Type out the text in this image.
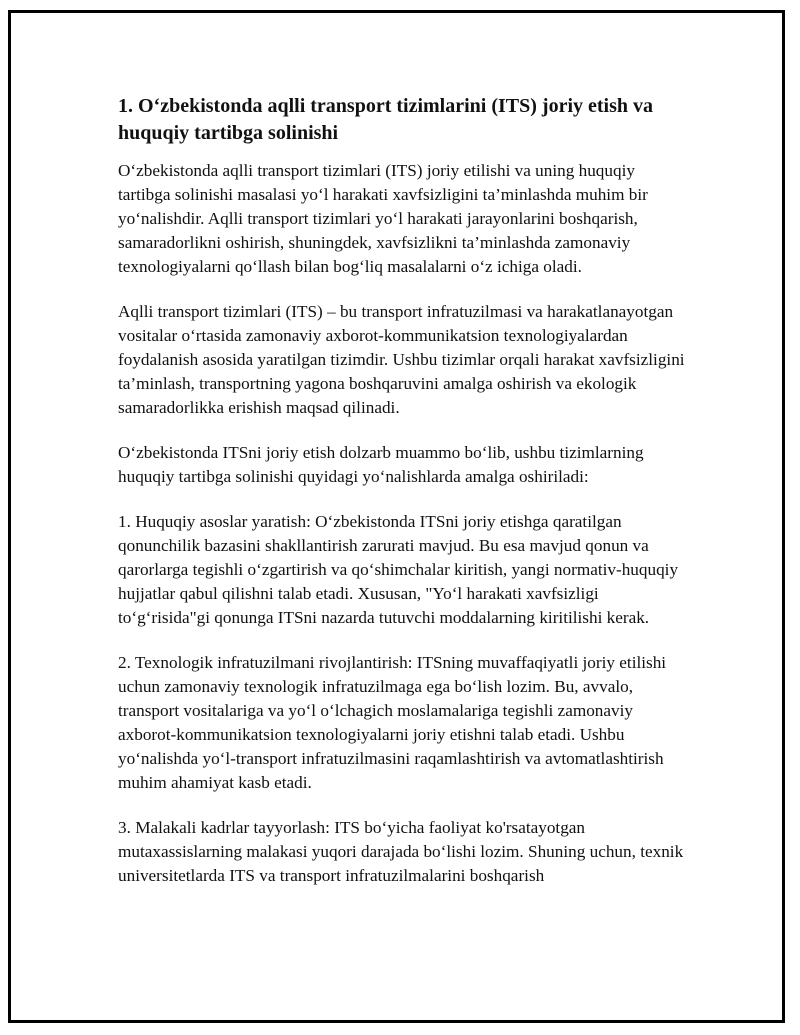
1. O‘zbekistonda aqlli transport tizimlarini (ITS) joriy etish va huquqiy tartibga solinishi

O‘zbekistonda aqlli transport tizimlari (ITS) joriy etilishi va uning huquqiy tartibga solinishi masalasi yo‘l harakati xavfsizligini ta’minlashda muhim bir yo‘nalishdir. Aqlli transport tizimlari yo‘l harakati jarayonlarini boshqarish, samaradorlikni oshirish, shuningdek, xavfsizlikni ta’minlashda zamonaviy texnologiyalarni qo‘llash bilan bog‘liq masalalarni o‘z ichiga oladi.

Aqlli transport tizimlari (ITS) – bu transport infratuzilmasi va harakatlanayotgan vositalar o‘rtasida zamonaviy axborot-kommunikatsion texnologiyalardan foydalanish asosida yaratilgan tizimdir. Ushbu tizimlar orqali harakat xavfsizligini ta’minlash, transportning yagona boshqaruvini amalga oshirish va ekologik samaradorlikka erishish maqsad qilinadi.

O‘zbekistonda ITSni joriy etish dolzarb muammo bo‘lib, ushbu tizimlarning huquqiy tartibga solinishi quyidagi yo‘nalishlarda amalga oshiriladi:

1. Huquqiy asoslar yaratish: O‘zbekistonda ITSni joriy etishga qaratilgan qonunchilik bazasini shakllantirish zarurati mavjud. Bu esa mavjud qonun va qarorlarga tegishli o‘zgartirish va qo‘shimchalar kiritish, yangi normativ-huquqiy hujjatlar qabul qilishni talab etadi. Xususan, "Yo‘l harakati xavfsizligi to‘g‘risida"gi qonunga ITSni nazarda tutuvchi moddalarning kiritilishi kerak.

2. Texnologik infratuzilmani rivojlantirish: ITSning muvaffaqiyatli joriy etilishi uchun zamonaviy texnologik infratuzilmaga ega bo‘lish lozim. Bu, avvalo, transport vositalariga va yo‘l o‘lchagich moslamalariga tegishli zamonaviy axborot-kommunikatsion texnologiyalarni joriy etishni talab etadi. Ushbu yo‘nalishda yo‘l-transport infratuzilmasini raqamlashtirish va avtomatlashtirish muhim ahamiyat kasb etadi.

3. Malakali kadrlar tayyorlash: ITS bo‘yicha faoliyat ko'rsatayotgan mutaxassislarning malakasi yuqori darajada bo‘lishi lozim. Shuning uchun, texnik universitetlarda ITS va transport infratuzilmalarini boshqarish
